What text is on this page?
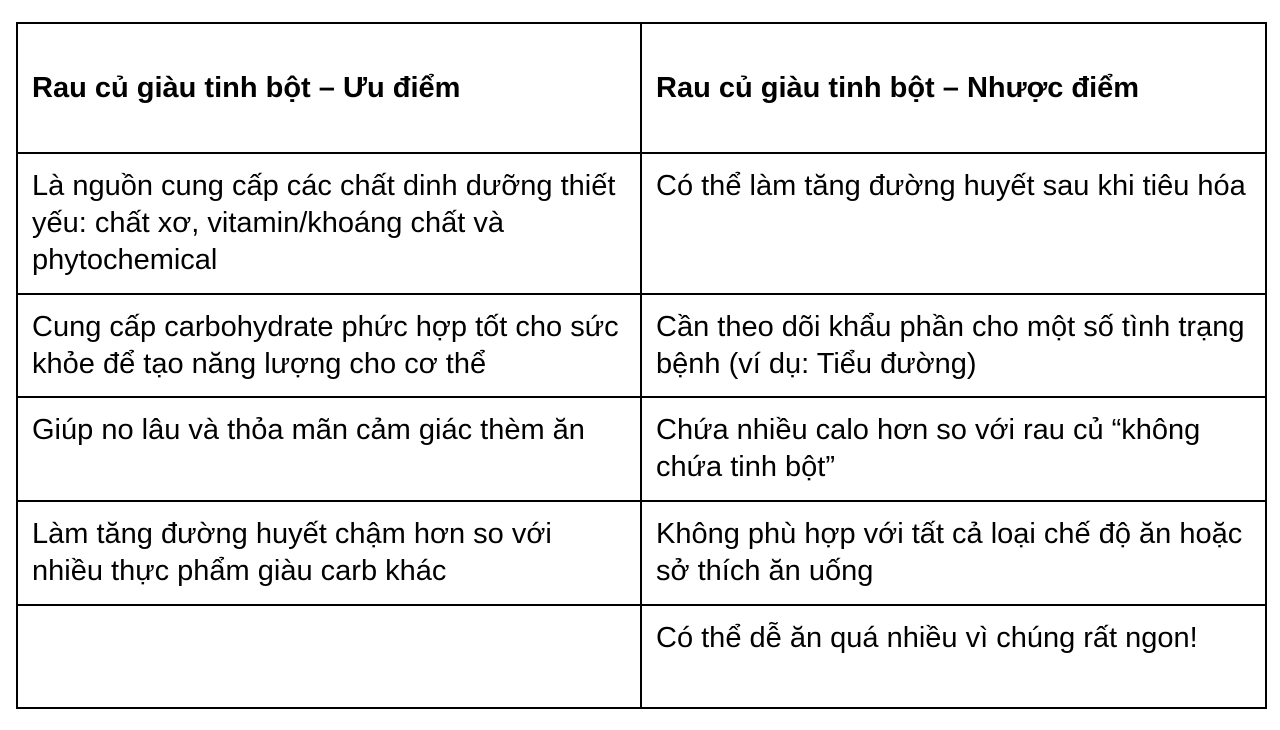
Rau củ giàu tinh bột – Ưu điểm	Rau củ giàu tinh bột – Nhược điểm
Là nguồn cung cấp các chất dinh dưỡng thiết yếu: chất xơ, vitamin/khoáng chất và phytochemical	Có thể làm tăng đường huyết sau khi tiêu hóa
Cung cấp carbohydrate phức hợp tốt cho sức khỏe để tạo năng lượng cho cơ thể	Cần theo dõi khẩu phần cho một số tình trạng bệnh (ví dụ: Tiểu đường)
Giúp no lâu và thỏa mãn cảm giác thèm ăn	Chứa nhiều calo hơn so với rau củ “không chứa tinh bột”
Làm tăng đường huyết chậm hơn so với nhiều thực phẩm giàu carb khác	Không phù hợp với tất cả loại chế độ ăn hoặc sở thích ăn uống
	Có thể dễ ăn quá nhiều vì chúng rất ngon!
